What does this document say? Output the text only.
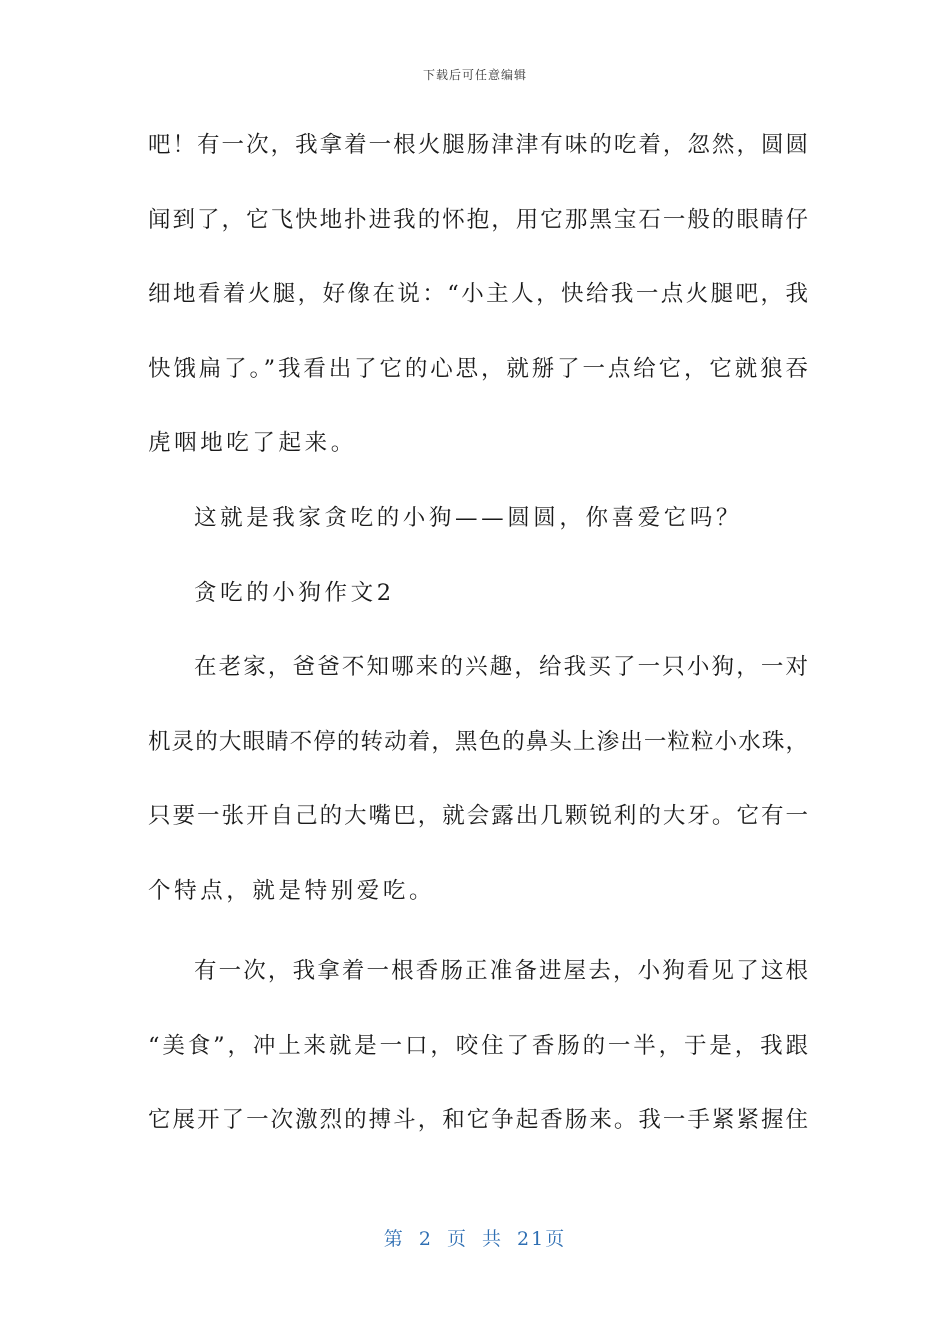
下载后可任意编辑
吧！有一次，我拿着一根火腿肠津津有味的吃着，忽然，圆圆
闻到了，它飞快地扑进我的怀抱，用它那黑宝石一般的眼睛仔
细地看着火腿，好像在说：“小主人，快给我一点火腿吧，我
快饿扁了。”我看出了它的心思，就掰了一点给它，它就狼吞
虎咽地吃了起来。
这就是我家贪吃的小狗——圆圆，你喜爱它吗？
贪吃的小狗作文2
在老家，爸爸不知哪来的兴趣，给我买了一只小狗，一对
机灵的大眼睛不停的转动着，黑色的鼻头上渗出一粒粒小水珠，
只要一张开自己的大嘴巴，就会露出几颗锐利的大牙。它有一
个特点，就是特别爱吃。
有一次，我拿着一根香肠正准备进屋去，小狗看见了这根
“美食”，冲上来就是一口，咬住了香肠的一半，于是，我跟
它展开了一次激烈的搏斗，和它争起香肠来。我一手紧紧握住
第 2 页 共 21页
